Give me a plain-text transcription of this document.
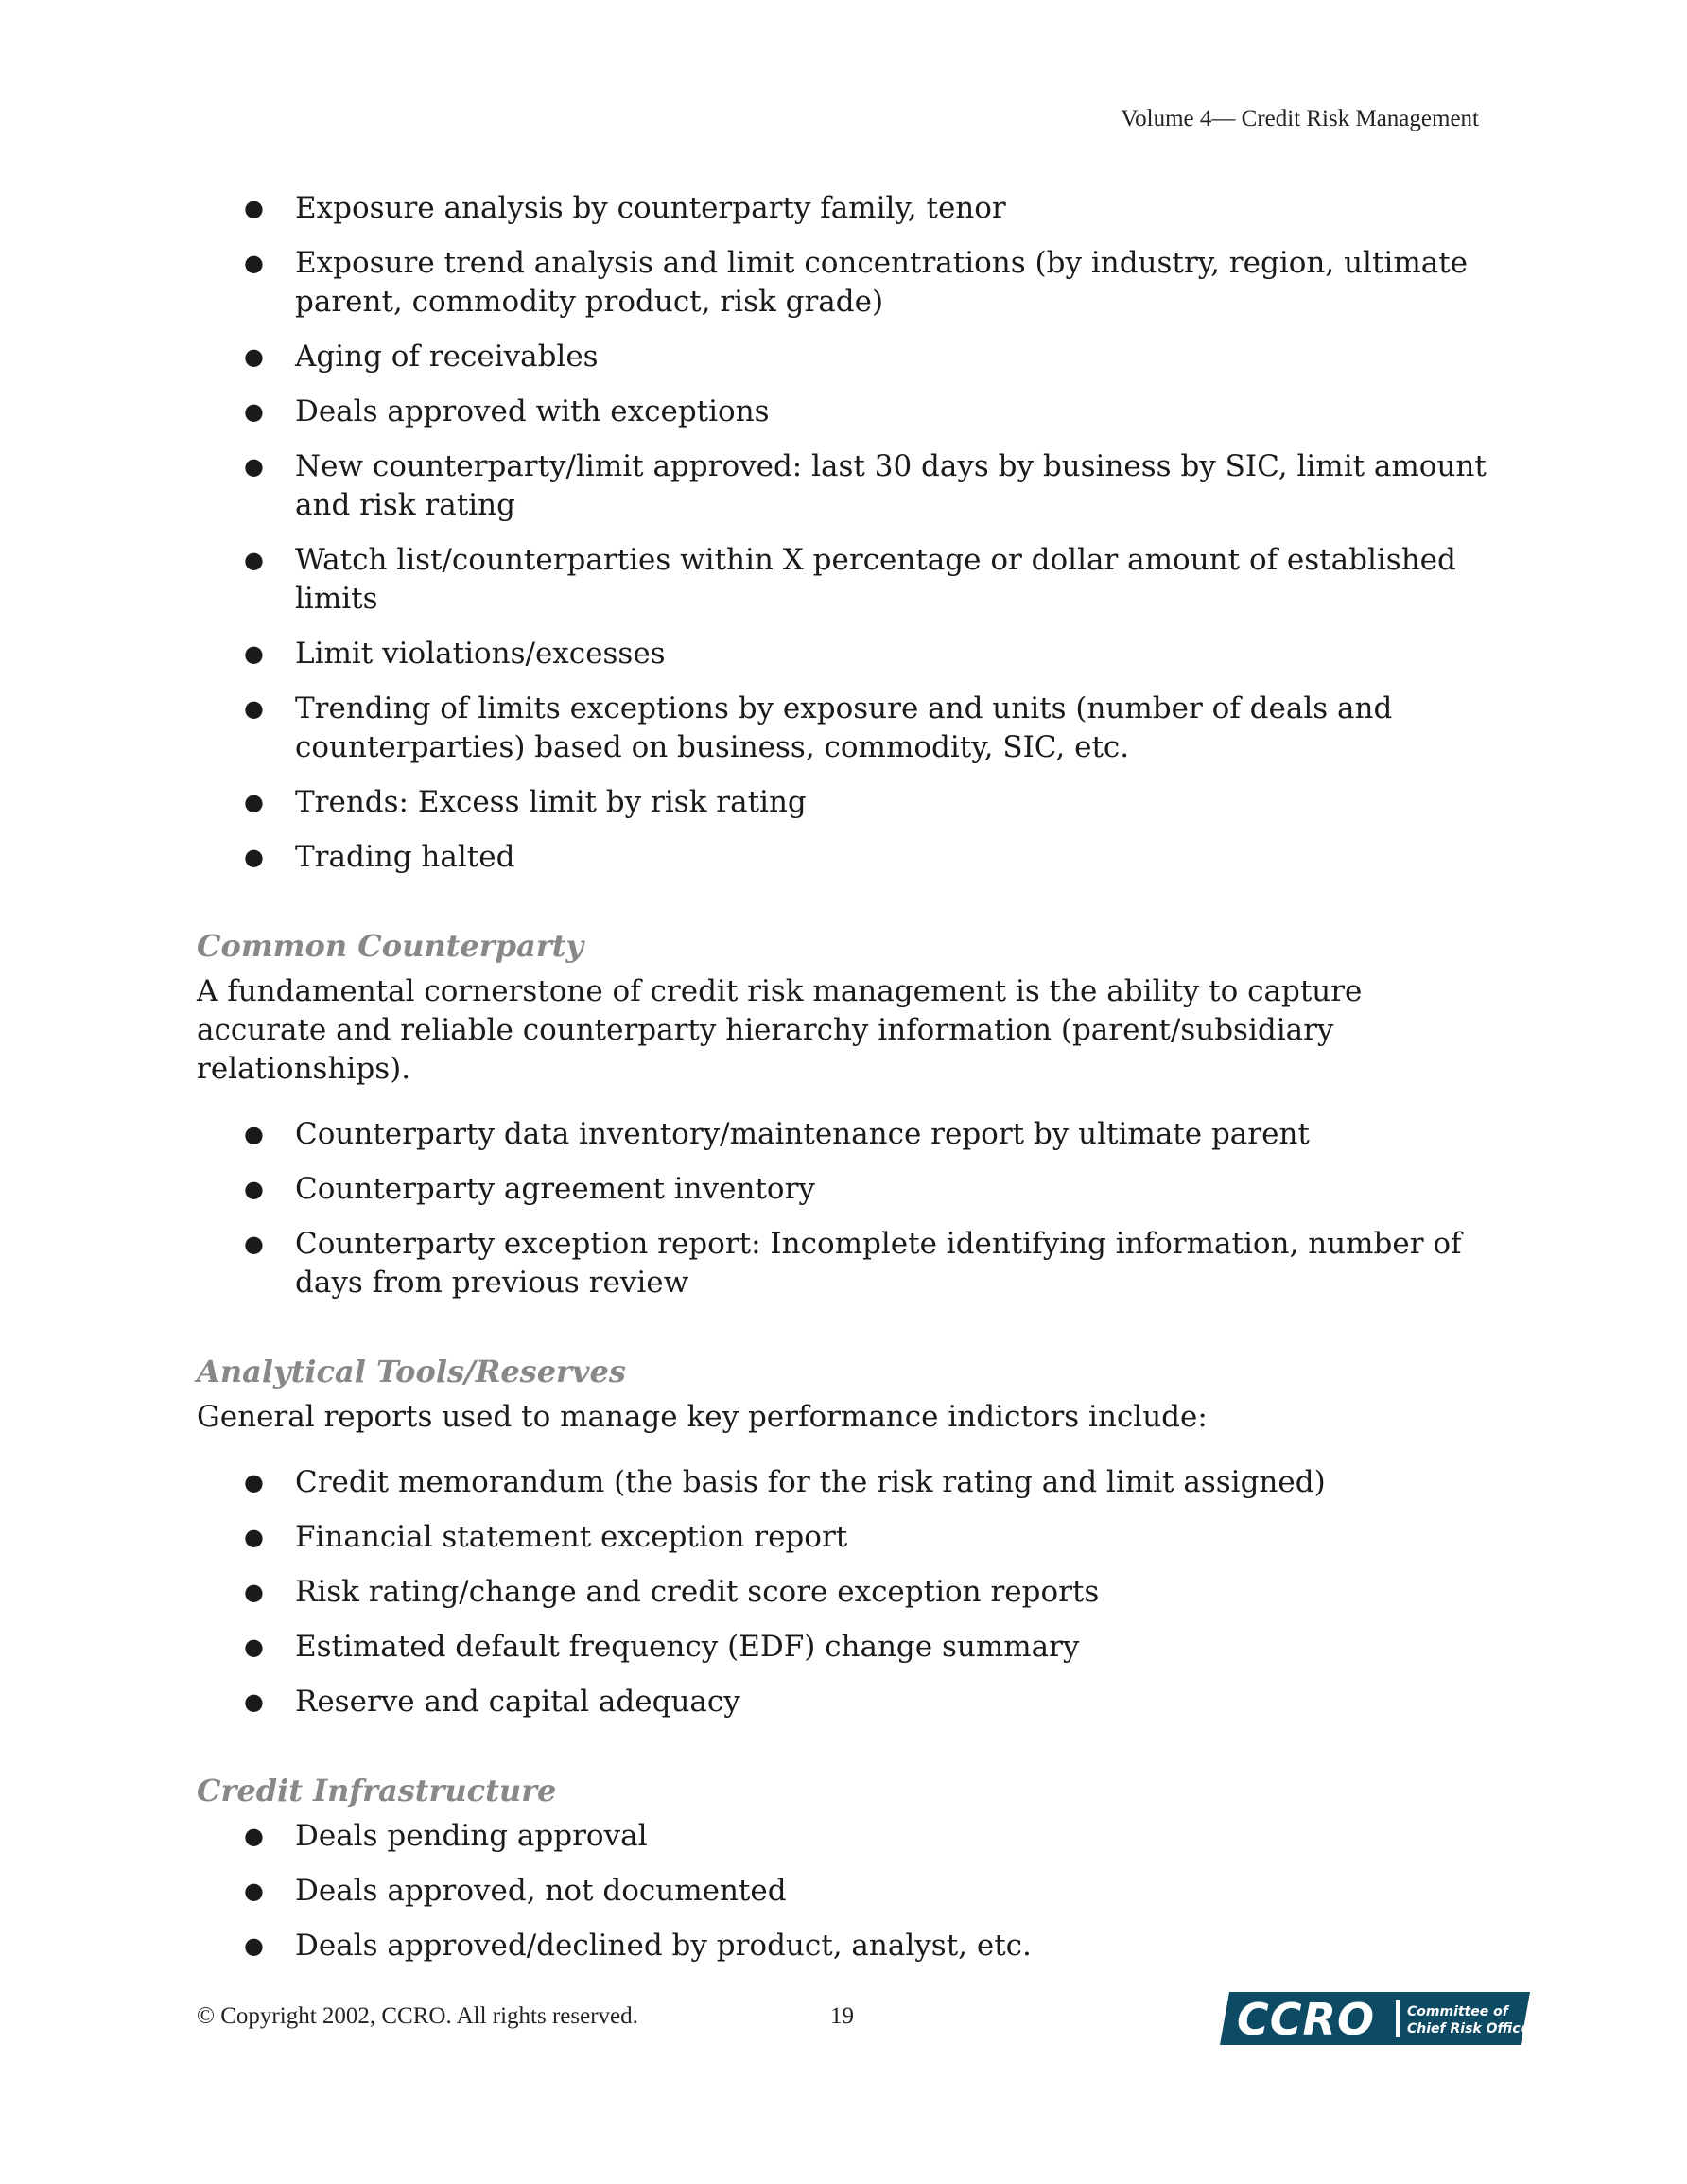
Volume 4— Credit Risk Management
● Exposure analysis by counterparty family, tenor
● Exposure trend analysis and limit concentrations (by industry, region, ultimate parent, commodity product, risk grade)
● Aging of receivables
● Deals approved with exceptions
● New counterparty/limit approved: last 30 days by business by SIC, limit amount and risk rating
● Watch list/counterparties within X percentage or dollar amount of established limits
● Limit violations/excesses
● Trending of limits exceptions by exposure and units (number of deals and counterparties) based on business, commodity, SIC, etc.
● Trends: Excess limit by risk rating
● Trading halted
Common Counterparty

A fundamental cornerstone of credit risk management is the ability to capture accurate and reliable counterparty hierarchy information (parent/subsidiary relationships).

● Counterparty data inventory/maintenance report by ultimate parent
● Counterparty agreement inventory
● Counterparty exception report: Incomplete identifying information, number of days from previous review
Analytical Tools/Reserves

General reports used to manage key performance indictors include:

● Credit memorandum (the basis for the risk rating and limit assigned)
● Financial statement exception report
● Risk rating/change and credit score exception reports
● Estimated default frequency (EDF) change summary
● Reserve and capital adequacy
Credit Infrastructure
● Deals pending approval
● Deals approved, not documented
● Deals approved/declined by product, analyst, etc.
© Copyright 2002, CCRO. All rights reserved.	19	CCRO Committee of
Chief Risk Officers
